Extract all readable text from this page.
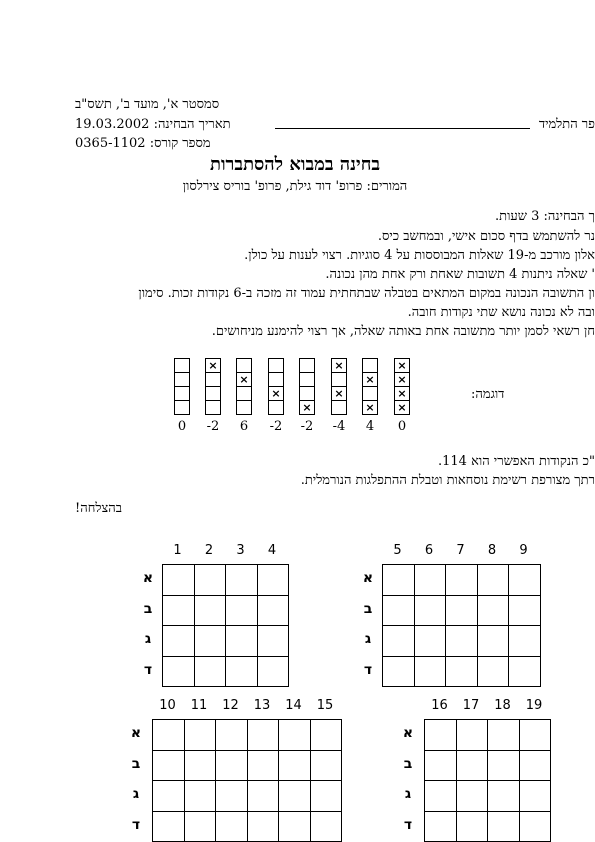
סמסטר א', מועד ב', תשס"ב
19.03.2002 תאריך הבחינה:
0365-1102 מספר קורס:
פר התלמיד
בחינה במבוא להסתברות
המורים: פרופ' דוד גילת, פרופ' בוריס צירלסון
ך הבחינה: 3 שעות.
נר להשתמש בדף סכום אישי, ובמחשב כיס.
אלון מורכב מ-19 שאלות המבוססות על 4 סוגיות. רצוי לענות על כולן.
' שאלה ניתנות 4 תשובות שאחת ורק אחת מהן נכונה.
ון התשובה הנכונה במקום המתאים בטבלה שבתחתית עמוד זה מזכה ב-6 נקודות זכות. סימון
ובה לא נכונה נושא שתי נקודות חובה.
חן רשאי לסמן יותר מתשובה אחת באותה שאלה, אך רצוי להימנע מניחושים.
דוגמה:
0
×
-2
×
6
×
-2
×
-2
×
×
-4
×
×
4
×
×
×
×
0
"כ הנקודות האפשרי הוא 114.
רתך מצורפת רשימת נוסחאות וטבלת ההתפלגות הנורמלית.
בהצלחה!
1	2	3	4
א
ב
ג
ד

5	6	7	8	9
א
ב
ג
ד

10	11	12	13	14	15
א
ב
ג
ד

16	17	18	19
א
ב
ג
ד
